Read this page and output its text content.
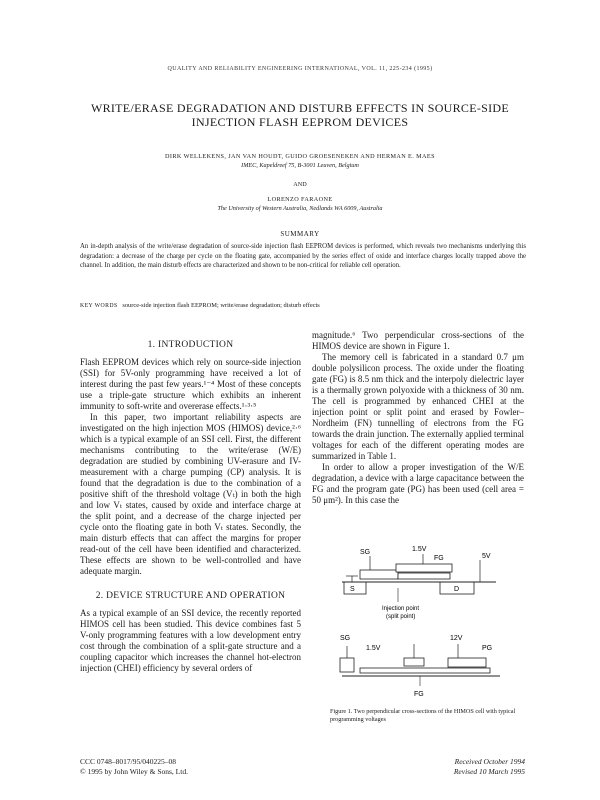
QUALITY AND RELIABILITY ENGINEERING INTERNATIONAL, VOL. 11, 225-234 (1995)
WRITE/ERASE DEGRADATION AND DISTURB EFFECTS IN SOURCE-SIDE INJECTION FLASH EEPROM DEVICES
DIRK WELLEKENS, JAN VAN HOUDT, GUIDO GROESENEKEN AND HERMAN E. MAES
IMEC, Kapeldreef 75, B-3001 Leuven, Belgium
AND
LORENZO FARAONE
The University of Western Australia, Nedlands WA 6009, Australia
SUMMARY
An in-depth analysis of the write/erase degradation of source-side injection flash EEPROM devices is performed, which reveals two mechanisms underlying this degradation: a decrease of the charge per cycle on the floating gate, accompanied by the series effect of oxide and interface charges locally trapped above the channel. In addition, the main disturb effects are characterized and shown to be non-critical for reliable cell operation.
KEY WORDS source-side injection flash EEPROM; write/erase degradation; disturb effects
1. INTRODUCTION

Flash EEPROM devices which rely on source-side injection (SSI) for 5V-only programming have received a lot of interest during the past few years.¹⁻⁴ Most of these concepts use a triple-gate structure which exhibits an inherent immunity to soft-write and overerase effects.¹·³·⁵

In this paper, two important reliability aspects are investigated on the high injection MOS (HIMOS) device,²·⁶ which is a typical example of an SSI cell. First, the different mechanisms contributing to the write/erase (W/E) degradation are studied by combining UV-erasure and IV-measurement with a charge pumping (CP) analysis. It is found that the degradation is due to the combination of a positive shift of the threshold voltage (Vₜ) in both the high and low Vₜ states, caused by oxide and interface charge at the split point, and a decrease of the charge injected per cycle onto the floating gate in both Vₜ states. Secondly, the main disturb effects that can affect the margins for proper read-out of the cell have been identified and characterized. These effects are shown to be well-controlled and have adequate margin.

2. DEVICE STRUCTURE AND OPERATION

As a typical example of an SSI device, the recently reported HIMOS cell has been studied. This device combines fast 5 V-only programming features with a low development entry cost through the combination of a split-gate structure and a coupling capacitor which increases the channel hot-electron injection (CHEI) efficiency by several orders of

magnitude.⁶ Two perpendicular cross-sections of the HIMOS device are shown in Figure 1.

The memory cell is fabricated in a standard 0.7 μm double polysilicon process. The oxide under the floating gate (FG) is 8.5 nm thick and the interpoly dielectric layer is a thermally grown polyoxide with a thickness of 30 nm. The cell is programmed by enhanced CHEI at the injection point or split point and erased by Fowler–Nordheim (FN) tunnelling of electrons from the FG towards the drain junction. The externally applied terminal voltages for each of the different operating modes are summarized in Table 1.

In order to allow a proper investigation of the W/E degradation, a device with a large capacitance between the FG and the program gate (PG) has been used (cell area = 50 μm²). In this case the

SG	1.5V
FG	5V
S	D
Injection point
(split point)
SG
1.5V
12V
PG
FG
Figure 1. Two perpendicular cross-sections of the HIMOS cell with typical programming voltages
CCC 0748–8017/95/040225–08
© 1995 by John Wiley & Sons, Ltd.
Received October 1994
Revised 10 March 1995
